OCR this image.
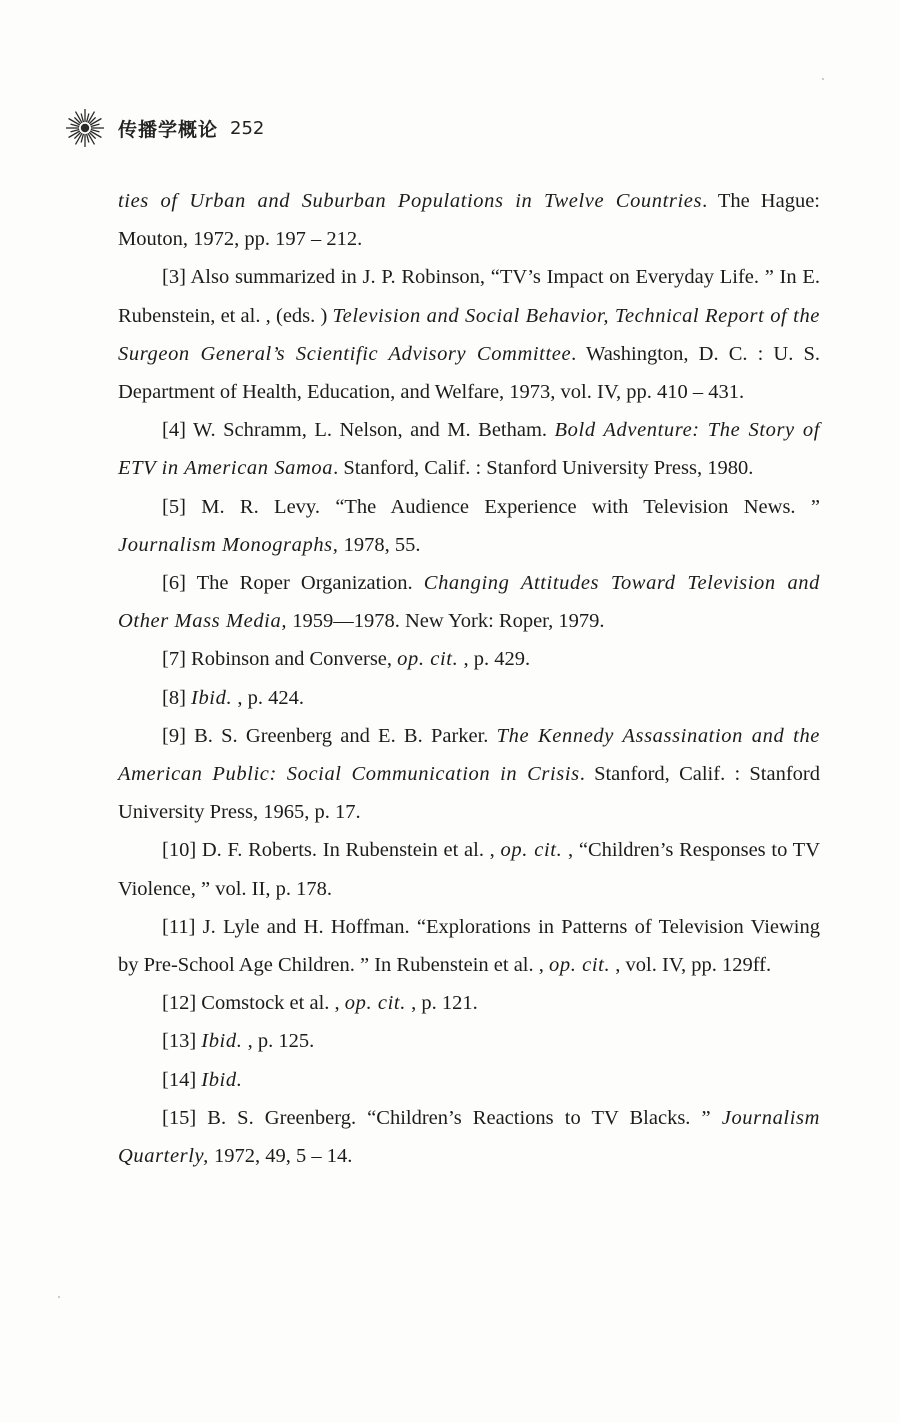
传播学概论 252

ties of Urban and Suburban Populations in Twelve Countries. The Hague: Mouton, 1972, pp. 197 – 212.

[3] Also summarized in J. P. Robinson, “TV’s Impact on Everyday Life. ” In E. Rubenstein, et al. , (eds. ) Television and Social Behavior, Technical Report of the Surgeon General’s Scientific Advisory Committee. Washington, D. C. : U. S. Department of Health, Education, and Welfare, 1973, vol. IV, pp. 410 – 431.

[4] W. Schramm, L. Nelson, and M. Betham. Bold Adventure: The Story of ETV in American Samoa. Stanford, Calif. : Stanford University Press, 1980.

[5] M. R. Levy. “The Audience Experience with Television News. ” Journalism Monographs, 1978, 55.

[6] The Roper Organization. Changing Attitudes Toward Television and Other Mass Media, 1959—1978. New York: Roper, 1979.

[7] Robinson and Converse, op. cit. , p. 429.

[8] Ibid. , p. 424.

[9] B. S. Greenberg and E. B. Parker. The Kennedy Assassination and the American Public: Social Communication in Crisis. Stanford, Calif. : Stanford University Press, 1965, p. 17.

[10] D. F. Roberts. In Rubenstein et al. , op. cit. , “Children’s Responses to TV Violence, ” vol. II, p. 178.

[11] J. Lyle and H. Hoffman. “Explorations in Patterns of Television Viewing by Pre-School Age Children. ” In Rubenstein et al. , op. cit. , vol. IV, pp. 129ff.

[12] Comstock et al. , op. cit. , p. 121.

[13] Ibid. , p. 125.

[14] Ibid.

[15] B. S. Greenberg. “Children’s Reactions to TV Blacks. ” Journalism Quarterly, 1972, 49, 5 – 14.
